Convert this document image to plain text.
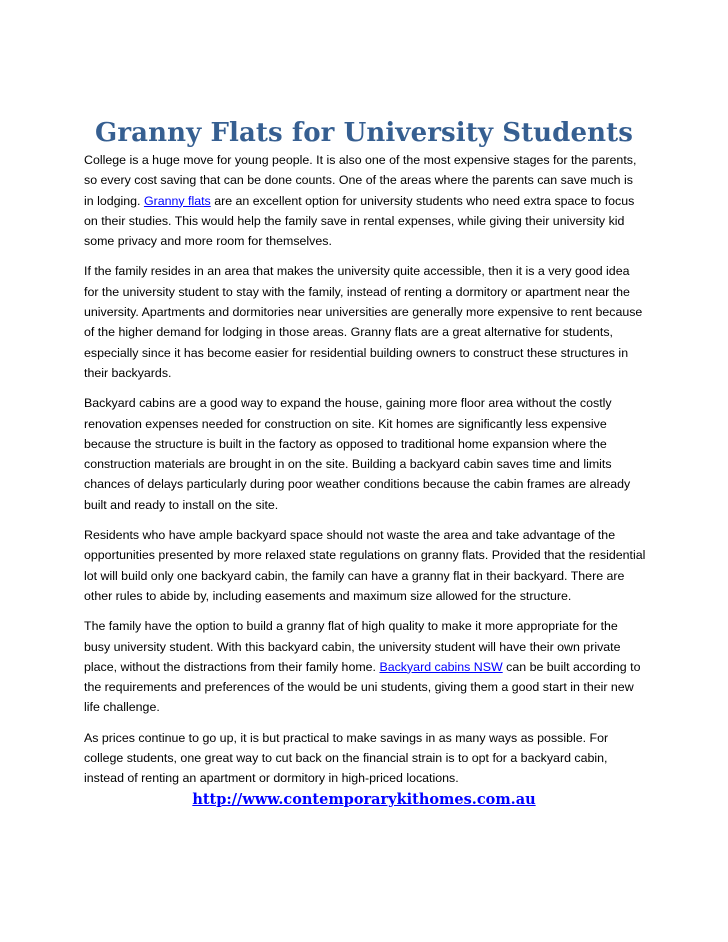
Granny Flats for University Students

College is a huge move for young people. It is also one of the most expensive stages for the parents, so every cost saving that can be done counts. One of the areas where the parents can save much is in lodging. Granny flats are an excellent option for university students who need extra space to focus on their studies. This would help the family save in rental expenses, while giving their university kid some privacy and more room for themselves.

If the family resides in an area that makes the university quite accessible, then it is a very good idea for the university student to stay with the family, instead of renting a dormitory or apartment near the university. Apartments and dormitories near universities are generally more expensive to rent because of the higher demand for lodging in those areas. Granny flats are a great alternative for students, especially since it has become easier for residential building owners to construct these structures in their backyards.

Backyard cabins are a good way to expand the house, gaining more floor area without the costly renovation expenses needed for construction on site. Kit homes are significantly less expensive because the structure is built in the factory as opposed to traditional home expansion where the construction materials are brought in on the site. Building a backyard cabin saves time and limits chances of delays particularly during poor weather conditions because the cabin frames are already built and ready to install on the site.

Residents who have ample backyard space should not waste the area and take advantage of the opportunities presented by more relaxed state regulations on granny flats. Provided that the residential lot will build only one backyard cabin, the family can have a granny flat in their backyard. There are other rules to abide by, including easements and maximum size allowed for the structure.

The family have the option to build a granny flat of high quality to make it more appropriate for the busy university student. With this backyard cabin, the university student will have their own private place, without the distractions from their family home. Backyard cabins NSW can be built according to the requirements and preferences of the would be uni students, giving them a good start in their new life challenge.

As prices continue to go up, it is but practical to make savings in as many ways as possible. For college students, one great way to cut back on the financial strain is to opt for a backyard cabin, instead of renting an apartment or dormitory in high-priced locations.

http://www.contemporarykithomes.com.au
